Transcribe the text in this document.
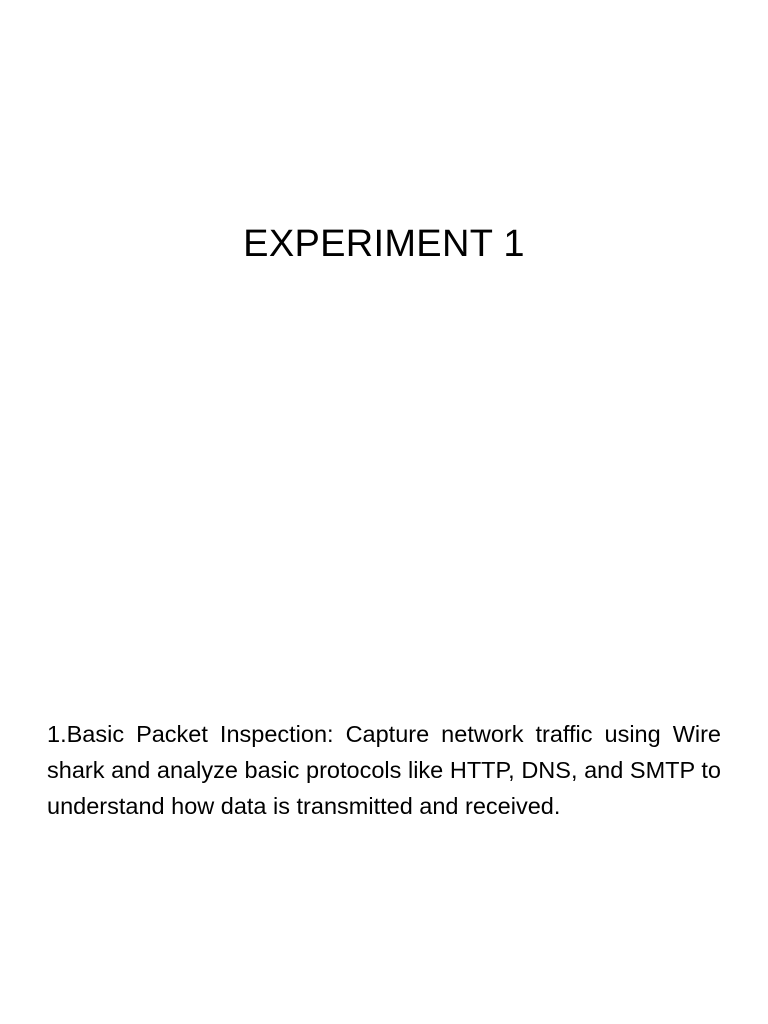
EXPERIMENT 1
1.Basic Packet Inspection: Capture network traffic using Wire shark and analyze basic protocols like HTTP, DNS, and SMTP to understand how data is transmitted and received.
